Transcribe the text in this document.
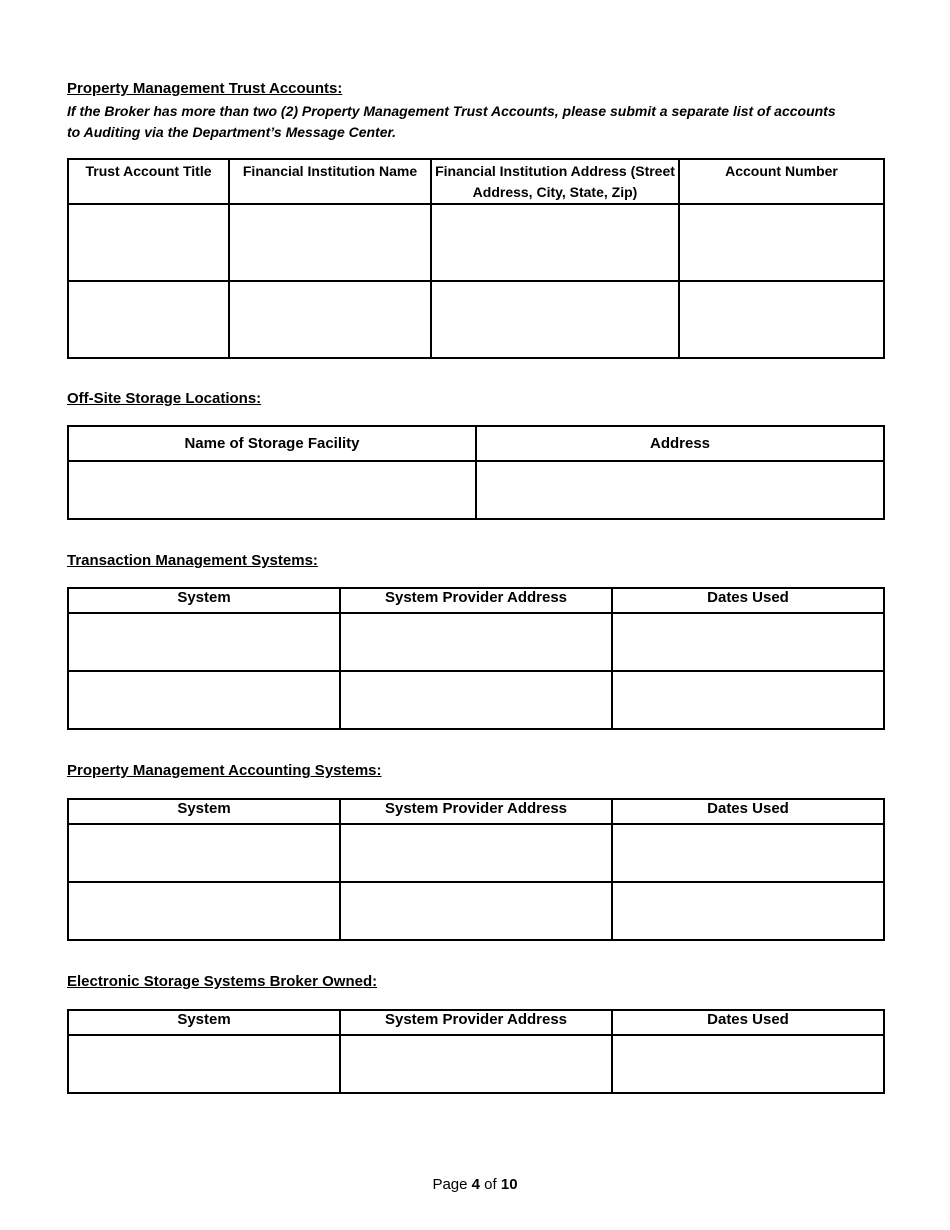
Property Management Trust Accounts:

If the Broker has more than two (2) Property Management Trust Accounts, please submit a separate list of accounts to Auditing via the Department’s Message Center.

Trust Account Title	Financial Institution Name	Financial Institution Address (Street Address, City, State, Zip)	Account Number

Off-Site Storage Locations:
Name of Storage Facility	Address

Transaction Management Systems:
System	System Provider Address	Dates Used

Property Management Accounting Systems:
System	System Provider Address	Dates Used

Electronic Storage Systems Broker Owned:
System	System Provider Address	Dates Used

Page 4 of 10
